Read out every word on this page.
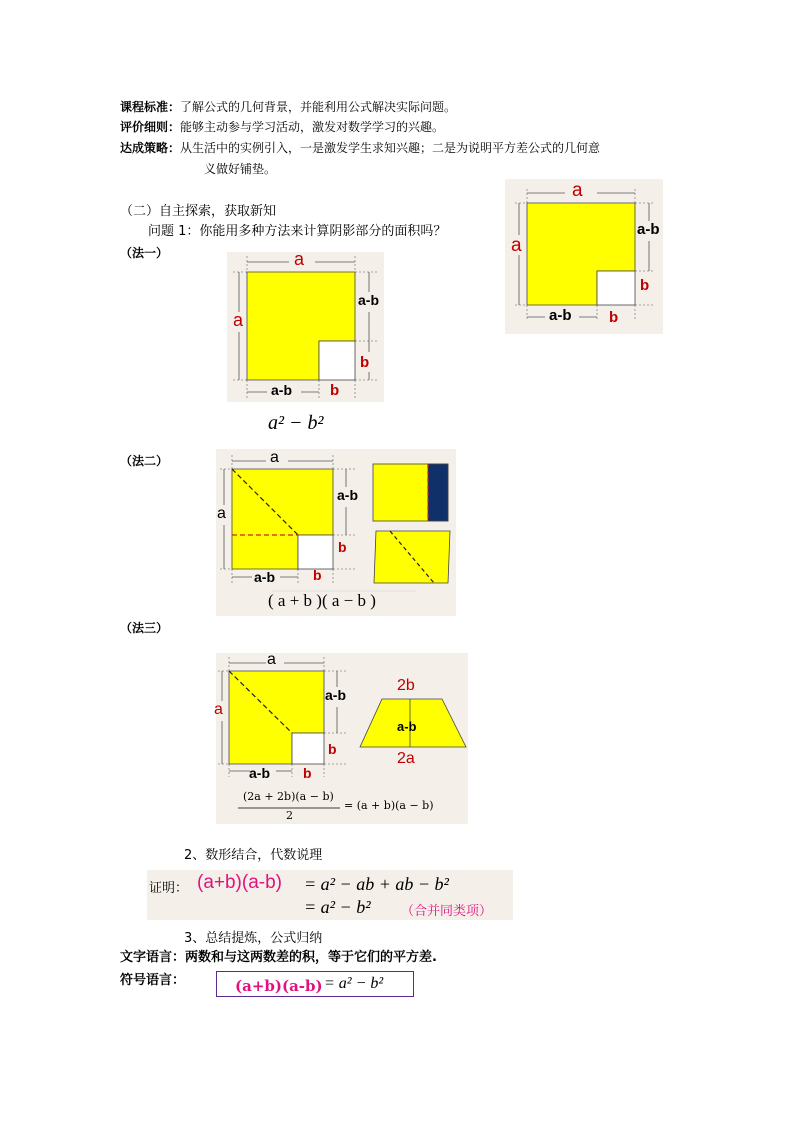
课程标准：了解公式的几何背景，并能利用公式解决实际问题。
评价细则：能够主动参与学习活动，激发对数学学习的兴趣。
达成策略：从生活中的实例引入，一是激发学生求知兴趣；二是为说明平方差公式的几何意
义做好铺垫。
（二）自主探索，获取新知
问题 1：你能用多种方法来计算阴影部分的面积吗？
（法一）
a
a
a-b
b
a-b	b
a
a
a-b
b
a-b	b
a² − b²
（法二）	a
a
a-b
b
a-b	b
( a + b )( a − b )
（法三）
a
a
a-b
b
a-b b
2b
a-b
2a
(2a + 2b)(a − b)
2
= (a + b)(a − b)
2、数形结合，代数说理
证明： (a+b)(a-b) = a² − ab + ab − b²
= a² − b² （合并同类项）
3、总结提炼，公式归纳
文字语言：两数和与这两数差的积，等于它们的平方差.
符号语言：	(a+b)(a-b) = a² − b²
